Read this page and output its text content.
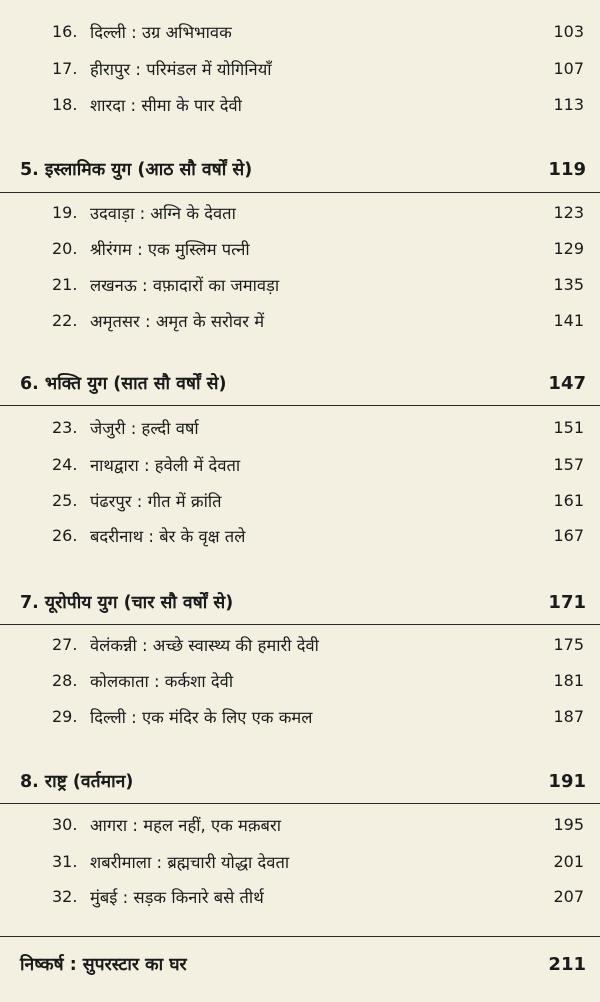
16. दिल्ली : उग्र अभिभावक	103
17. हीरापुर : परिमंडल में योगिनियाँ	107
18. शारदा : सीमा के पार देवी	113
5. इस्लामिक युग (आठ सौ वर्षों से)	119
19. उदवाड़ा : अग्नि के देवता	123
20. श्रीरंगम : एक मुस्लिम पत्नी	129
21. लखनऊ : वफ़ादारों का जमावड़ा	135
22. अमृतसर : अमृत के सरोवर में	141
6. भक्ति युग (सात सौ वर्षों से)	147
23. जेजुरी : हल्दी वर्षा	151
24. नाथद्वारा : हवेली में देवता	157
25. पंढरपुर : गीत में क्रांति	161
26. बदरीनाथ : बेर के वृक्ष तले	167
7. यूरोपीय युग (चार सौ वर्षों से)	171
27. वेलंकन्नी : अच्छे स्वास्थ्य की हमारी देवी	175
28. कोलकाता : कर्कशा देवी	181
29. दिल्ली : एक मंदिर के लिए एक कमल	187
8. राष्ट्र (वर्तमान)	191
30. आगरा : महल नहीं, एक मक़बरा	195
31. शबरीमाला : ब्रह्मचारी योद्धा देवता	201
32. मुंबई : सड़क किनारे बसे तीर्थ	207
निष्कर्ष : सुपरस्टार का घर	211
